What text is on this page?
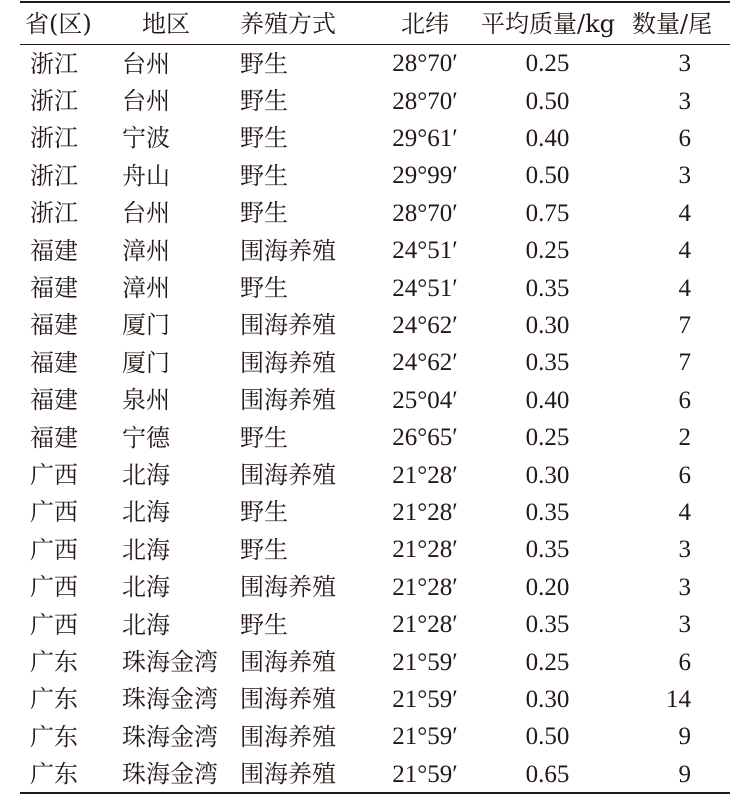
省(区)	地区	养殖方式	北纬	平均质量/kg 数量/尾
浙江	台州	野生	28°70′	0.25	3
浙江	台州	野生	28°70′	0.50	3
浙江	宁波	野生	29°61′	0.40	6
浙江	舟山	野生	29°99′	0.50	3
浙江	台州	野生	28°70′	0.75	4
福建	漳州	围海养殖	24°51′	0.25	4
福建	漳州	野生	24°51′	0.35	4
福建	厦门	围海养殖	24°62′	0.30	7
福建	厦门	围海养殖	24°62′	0.35	7
福建	泉州	围海养殖	25°04′	0.40	6
福建	宁德	野生	26°65′	0.25	2
广西	北海	围海养殖	21°28′	0.30	6
广西	北海	野生	21°28′	0.35	4
广西	北海	野生	21°28′	0.35	3
广西	北海	围海养殖	21°28′	0.20	3
广西	北海	野生	21°28′	0.35	3
广东	珠海金湾 围海养殖	21°59′	0.25	6
广东	珠海金湾 围海养殖	21°59′	0.30	14
广东	珠海金湾 围海养殖	21°59′	0.50	9
广东	珠海金湾 围海养殖	21°59′	0.65	9
